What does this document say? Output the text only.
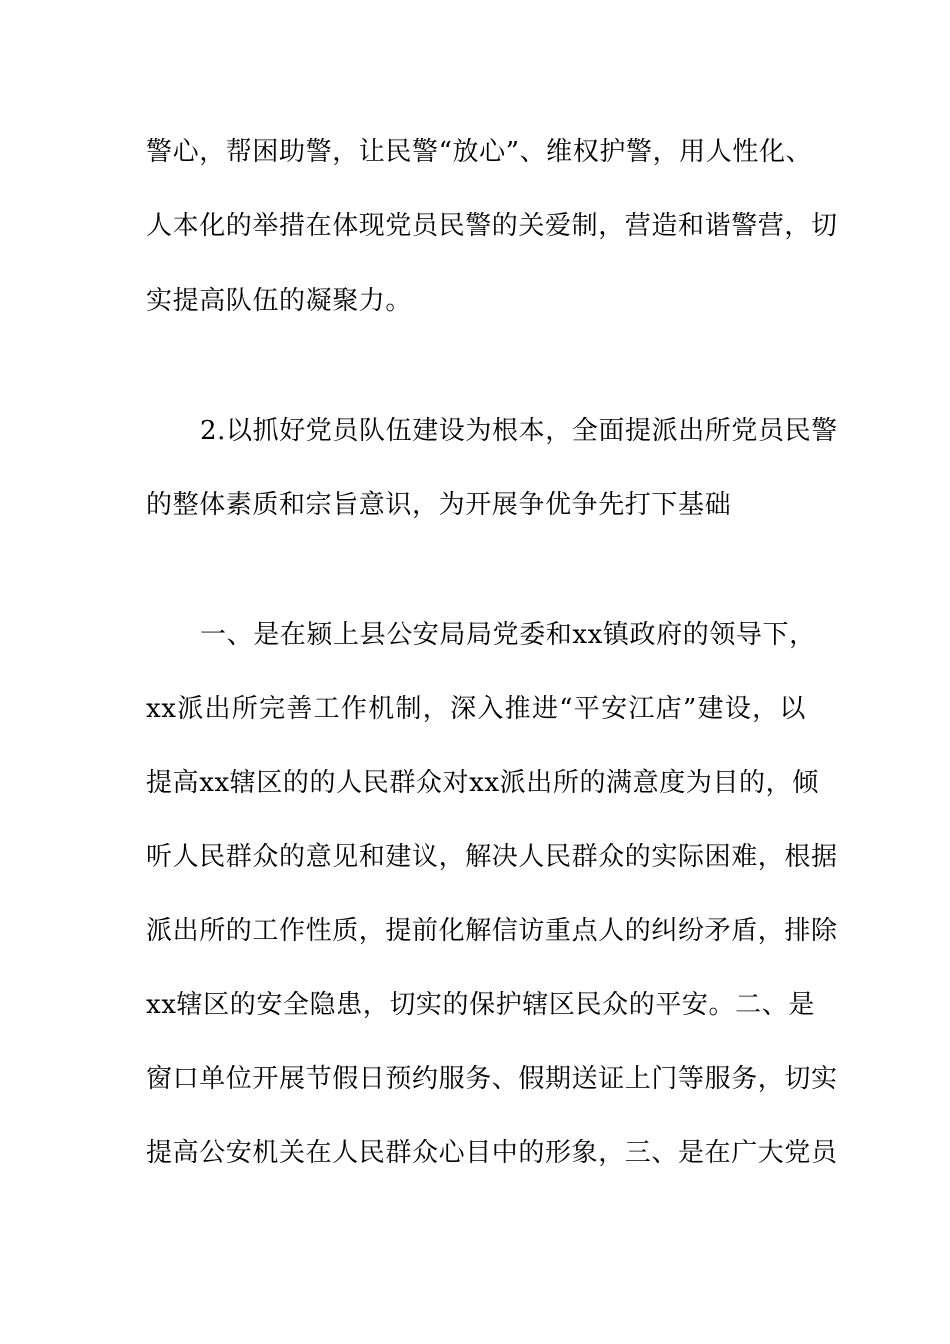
警心，帮困助警，让民警“放心”、维权护警，用人性化、
人本化的举措在体现党员民警的关爱制，营造和谐警营，切
实提高队伍的凝聚力。
2.以抓好党员队伍建设为根本，全面提派出所党员民警
的整体素质和宗旨意识，为开展争优争先打下基础
一、是在颍上县公安局局党委和xx镇政府的领导下，
xx派出所完善工作机制，深入推进“平安江店”建设，以
提高xx辖区的的人民群众对xx派出所的满意度为目的，倾
听人民群众的意见和建议，解决人民群众的实际困难，根据
派出所的工作性质，提前化解信访重点人的纠纷矛盾，排除
xx辖区的安全隐患，切实的保护辖区民众的平安。二、是
窗口单位开展节假日预约服务、假期送证上门等服务，切实
提高公安机关在人民群众心目中的形象，三、是在广大党员
